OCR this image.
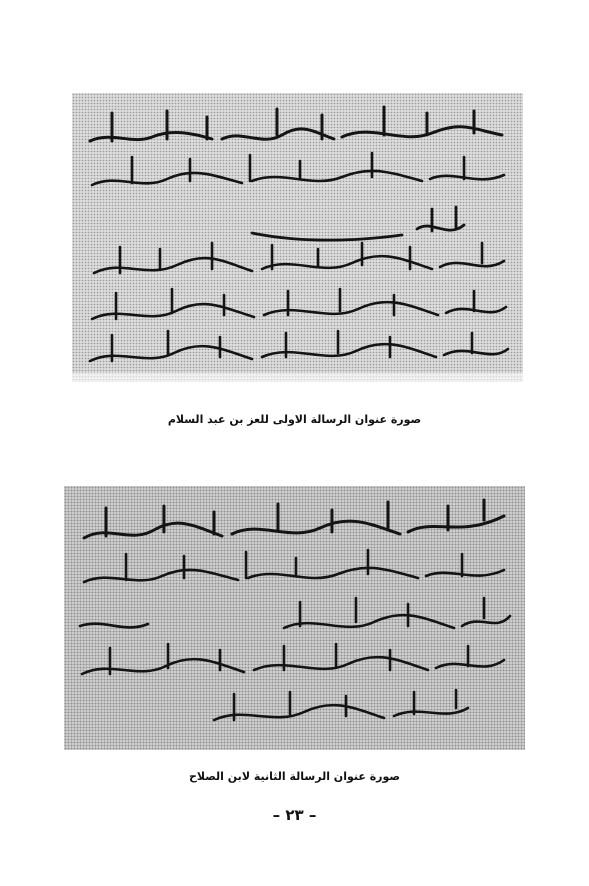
صورة عنوان الرسالة الاولى للعز بن عبد السلام
صورة عنوان الرسالة الثانية لابن الصلاح
– ٢٣ –
